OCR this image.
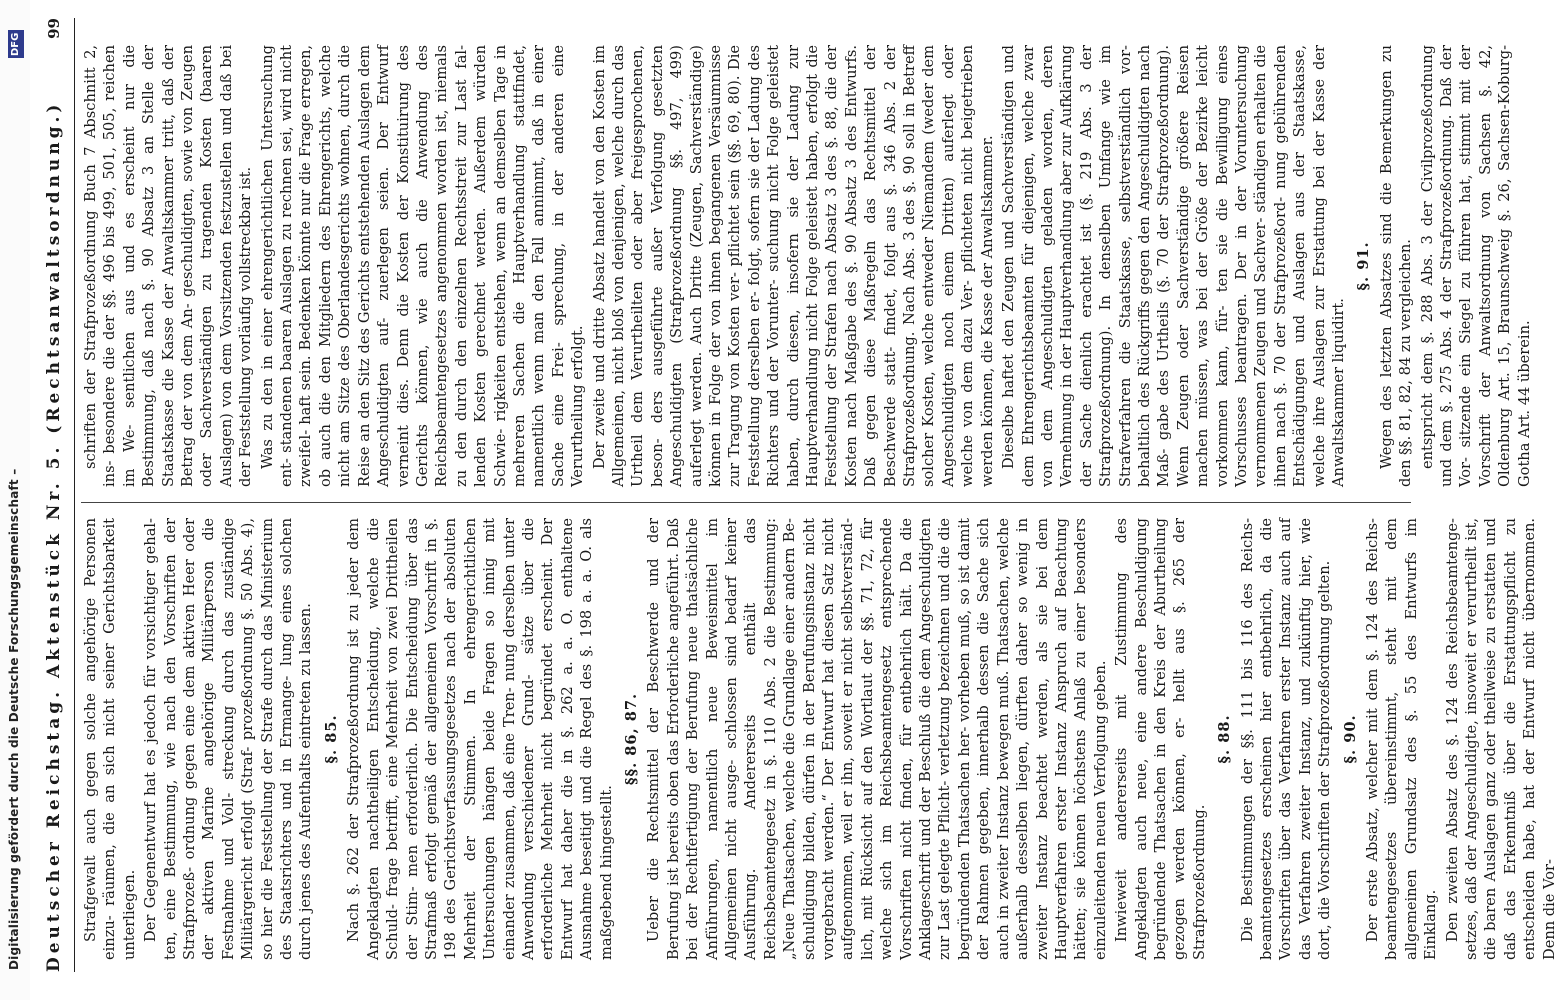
Digitalisierung gefördert durch die Deutsche Forschungsgemeinschaft –
DFG
Deutscher Reichstag. Aktenstück Nr. 5. (Rechtsanwaltsordnung.)
99

Strafgewalt auch gegen solche angehörige Personen einzu- räumen, die an sich nicht seiner Gerichtsbarkeit unterliegen. Der Gegenentwurf hat es jedoch für vorsichtiger gehal- ten, eine Bestimmung, wie nach den Vorschriften der Strafprozeß- ordnung gegen eine dem aktiven Heer oder der aktiven Marine angehörige Militärperson die Festnahme und Voll- streckung durch das zuständige Militärgericht erfolgt (Straf- prozeßordnung §. 50 Abs. 4), so hier die Feststellung der Strafe durch das Ministerium des Staatsrichters und in Ermange- lung eines solchen durch jenes des Aufenthalts eintreten zu lassen. §. 85. Nach §. 262 der Strafprozeßordnung ist zu jeder dem Angeklagten nachtheiligen Entscheidung, welche die Schuld- frage betrifft, eine Mehrheit von zwei Drittheilen der Stim- men erforderlich. Die Entscheidung über das Strafmaß erfolgt gemäß der allgemeinen Vorschrift in §. 198 des Gerichtsverfassungsgesetzes nach der absoluten Mehrheit der Stimmen. In ehrengerichtlichen Untersuchungen hängen beide Fragen so innig mit einander zusammen, daß eine Tren- nung derselben unter Anwendung verschiedener Grund- sätze über die erforderliche Mehrheit nicht begründet erscheint. Der Entwurf hat daher die in §. 262 a. a. O. enthaltene Ausnahme beseitigt und die Regel des §. 198 a. a. O. als maßgebend hingestellt.

§§. 86, 87. Ueber die Rechtsmittel der Beschwerde und der Berufung ist bereits oben das Erforderliche angeführt. Daß bei der Rechtfertigung der Berufung neue thatsächliche Anführungen, namentlich neue Beweismittel im Allgemeinen nicht ausge- schlossen sind bedarf keiner Ausführung. Andererseits enthält das Reichsbeamtengesetz in §. 110 Abs. 2 die Bestimmung: „Neue Thatsachen, welche die Grundlage einer andern Be- schuldigung bilden, dürfen in der Berufungsinstanz nicht vorgebracht werden.“ Der Entwurf hat diesen Satz nicht aufgenommen, weil er ihn, soweit er nicht selbstverständ- lich, mit Rücksicht auf den Wortlaut der §§. 71, 72, für welche sich im Reichsbeamtengesetz entsprechende Vorschriften nicht finden, für entbehrlich hält. Da die Anklageschrift und der Beschluß die dem Angeschuldigten zur Last gelegte Pflicht- verletzung bezeichnen und die die begründenden Thatsachen her- vorheben muß, so ist damit der Rahmen gegeben, innerhalb dessen die Sache sich auch in zweiter Instanz bewegen muß. Thatsachen, welche außerhalb desselben liegen, dürften daher so wenig in zweiter Instanz beachtet werden, als sie bei dem Hauptverfahren erster Instanz Anspruch auf Beachtung hätten; sie können höchstens Anlaß zu einer besonders einzuleitenden neuen Verfolgung geben. Inwieweit andererseits mit Zustimmung des Angeklagten auch neue, eine andere Beschuldigung begründende Thatsachen in den Kreis der Aburtheilung gezogen werden können, er- hellt aus §. 265 der Strafprozeßordnung.

§. 88. Die Bestimmungen der §§. 111 bis 116 des Reichs- beamtengesetzes erscheinen hier entbehrlich, da die Vorschriften über das Verfahren erster Instanz auch auf das Verfahren zweiter Instanz, und zukünftig hier, wie dort, die Vorschriften der Strafprozeßordnung gelten. §. 90. Der erste Absatz, welcher mit dem §. 124 des Reichs- beamtengesetzes übereinstimmt, steht mit dem allgemeinen Grundsatz des §. 55 des Entwurfs im Einklang. Den zweiten Absatz des §. 124 des Reichsbeamtenge- setzes, daß der Angeschuldigte, insoweit er verurtheilt ist, die baren Auslagen ganz oder theilweise zu erstatten und daß das Erkenntniß über die Erstattungspflicht zu entscheiden habe, hat der Entwurf nicht übernommen. Denn die Vor-

schriften der Strafprozeßordnung Buch 7 Abschnitt 2, ins- besondere die der §§. 496 bis 499, 501, 505, reichen im We- sentlichen aus und es erscheint nur die Bestimmung, daß nach §. 90 Absatz 3 an Stelle der Staatskasse die Kasse der Anwaltskammer tritt, daß der Betrag der von dem An- geschuldigten, sowie von Zeugen oder Sachverständigen zu tragenden Kosten (baaren Auslagen) von dem Vorsitzenden festzustellen und daß bei der Feststellung vorläufig vollstreckbar ist. Was zu den in einer ehrengerichtlichen Untersuchung ent- standenen baaren Auslagen zu rechnen sei, wird nicht zweifel- haft sein. Bedenken könnte nur die Frage erregen, ob auch die den Mitgliedern des Ehrengerichts, welche nicht am Sitze des Oberlandesgerichts wohnen, durch die Reise an den Sitz des Gerichts entstehenden Auslagen dem Angeschuldigten auf- zuerlegen seien. Der Entwurf verneint dies. Denn die Kosten der Konstituirung des Gerichts können, wie auch die Anwendung des Reichsbeamtengesetzes angenommen worden ist, niemals zu den durch den einzelnen Rechtsstreit zur Last fal- lenden Kosten gerechnet werden. Außerdem würden Schwie- rigkeiten entstehen, wenn an demselben Tage in mehreren Sachen die Hauptverhandlung stattfindet, namentlich wenn man den Fall annimmt, daß in einer Sache eine Frei- sprechung, in der anderen eine Verurtheilung erfolgt. Der zweite und dritte Absatz handelt von den Kosten im Allgemeinen, nicht bloß von denjenigen, welche durch das Urtheil dem Verurtheilten oder aber freigesprochenen, beson- ders ausgeführte außer Verfolgung gesetzten Angeschuldigten (Strafprozeßordnung §§. 497, 499) auferlegt werden. Auch Dritte (Zeugen, Sachverständige) können in Folge der von ihnen begangenen Versäumnisse zur Tragung von Kosten ver- pflichtet sein (§§. 69, 80). Die Feststellung derselben er- folgt, sofern sie der Ladung des Richters und der Vorunter- suchung nicht Folge geleistet haben, durch diesen, insofern sie der Ladung zur Hauptverhandlung nicht Folge geleistet haben, erfolgt die Feststellung der Strafen nach Absatz 3 des §. 88, die der Kosten nach Maßgabe des §. 90 Absatz 3 des Entwurfs. Daß gegen diese Maßregeln das Rechtsmittel der Beschwerde statt- findet, folgt aus §. 346 Abs. 2 der Strafprozeßordnung. Nach Abs. 3 des §. 90 soll in Betreff solcher Kosten, welche entweder Niemandem (weder dem Angeschuldigten noch einem Dritten) auferlegt oder welche von dem dazu Ver- pflichteten nicht beigetrieben werden können, die Kasse der Anwaltskammer. Dieselbe haftet den Zeugen und Sachverständigen und dem Ehrengerichtsbeamten für diejenigen, welche zwar von dem Angeschuldigten geladen worden, deren Vernehmung in der Hauptverhandlung aber zur Aufklärung der Sache dienlich erachtet ist (§. 219 Abs. 3 der Strafprozeßordnung). In denselben Umfange wie im Strafverfahren die Staatskasse, selbstverständlich vor- behaltlich des Rückgriffs gegen den Angeschuldigten nach Maß- gabe des Urtheils (§. 70 der Strafprozeßordnung). Wenn Zeugen oder Sachverständige größere Reisen machen müssen, was bei der Größe der Bezirke leicht vorkommen kann, für- ten sie die Bewilligung eines Vorschusses beantragen. Der in der Voruntersuchung vernommenen Zeugen und Sachver- ständigen erhalten die ihnen nach §. 70 der Strafprozeßord- nung gebührenden Entschädigungen und Auslagen aus der Staatskasse, welche ihre Auslagen zur Erstattung bei der Kasse der Anwaltskammer liquidirt.

§. 91. Wegen des letzten Absatzes sind die Bemerkungen zu den §§. 81, 82, 84 zu vergleichen. entspricht dem §. 288 Abs. 3 der Civilprozeßordnung und dem §. 275 Abs. 4 der Strafprozeßordnung. Daß der Vor- sitzende ein Siegel zu führen hat, stimmt mit der Vorschrift der Anwaltsordnung von Sachsen §. 42, Oldenburg Art. 15, Braunschweig §. 26, Sachsen-Koburg- Gotha Art. 44 überein.
